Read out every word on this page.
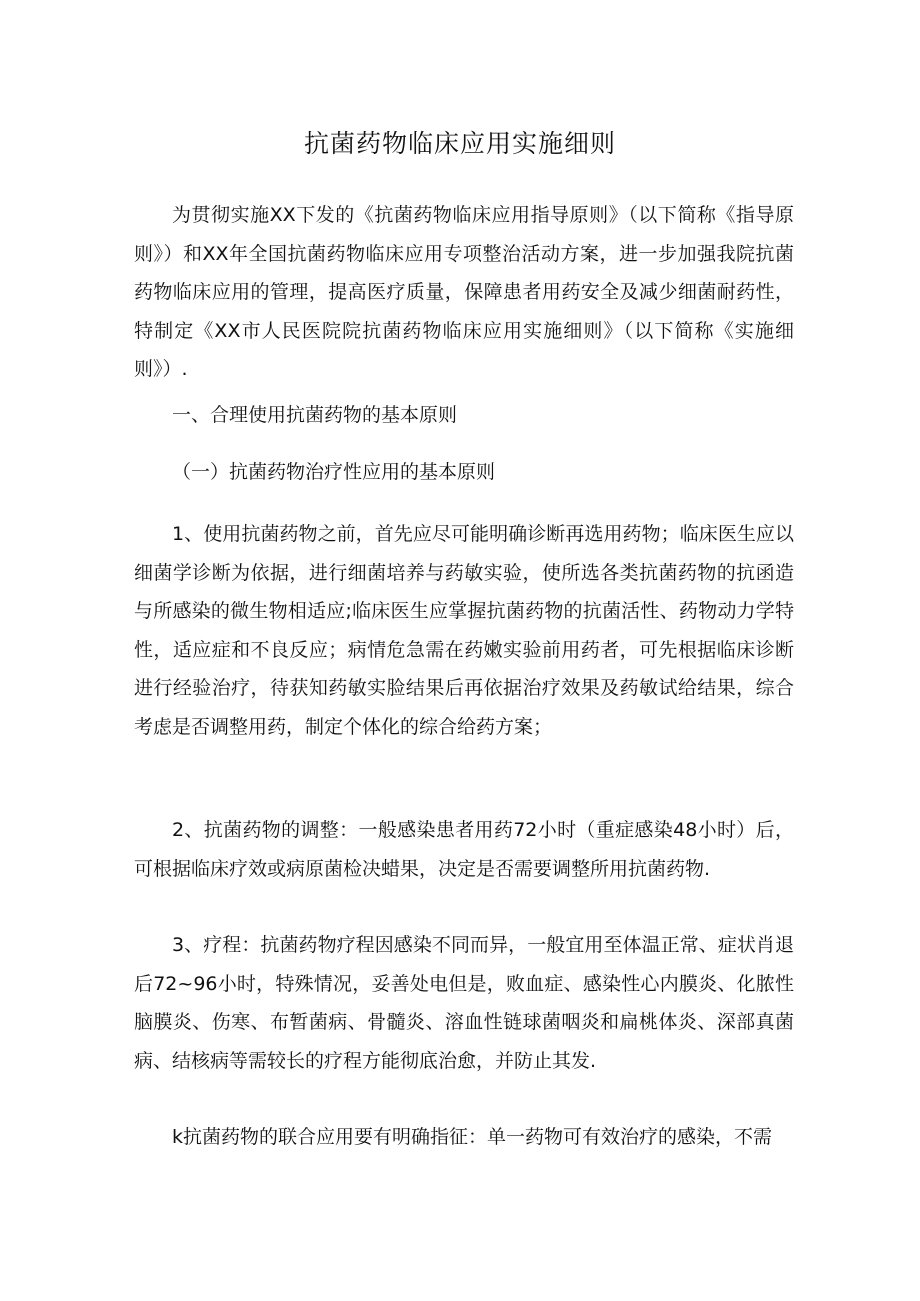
抗菌药物临床应用实施细则

为贯彻实施XX下发的《抗菌药物临床应用指导原则》（以下简称《指导原则》）和XX年全国抗菌药物临床应用专项整治活动方案，进一步加强我院抗菌药物临床应用的管理，提高医疗质量，保障患者用药安全及减少细菌耐药性，特制定《XX市人民医院院抗菌药物临床应用实施细则》（以下简称《实施细则》）.

一、合理使用抗菌药物的基本原则

（一）抗菌药物治疗性应用的基本原则

1、使用抗菌药物之前，首先应尽可能明确诊断再选用药物；临床医生应以细菌学诊断为依据，进行细菌培养与药敏实验，使所选各类抗菌药物的抗函造与所感染的微生物相适应;临床医生应掌握抗菌药物的抗菌活性、药物动力学特性，适应症和不良反应；病情危急需在药嫩实验前用药者，可先根据临床诊断进行经验治疗，待获知药敏实脸结果后再依据治疗效果及药敏试给结果，综合考虑是否调整用药，制定个体化的综合给药方案；

2、抗菌药物的调整：一般感染患者用药72小时（重症感染48小时）后，可根据临床疗效或病原菌检决蜡果，决定是否需要调整所用抗菌药物.

3、疗程：抗菌药物疗程因感染不同而异，一般宜用至体温正常、症状肖退后72~96小时，特殊情况，妥善处电但是，败血症、感染性心内膜炎、化脓性脑膜炎、伤寒、布暂菌病、骨髓炎、溶血性链球菌咽炎和扁桃体炎、深部真菌病、结核病等需较长的疗程方能彻底治愈，并防止其发.

k抗菌药物的联合应用要有明确指征：单一药物可有效治疗的感染，不需
